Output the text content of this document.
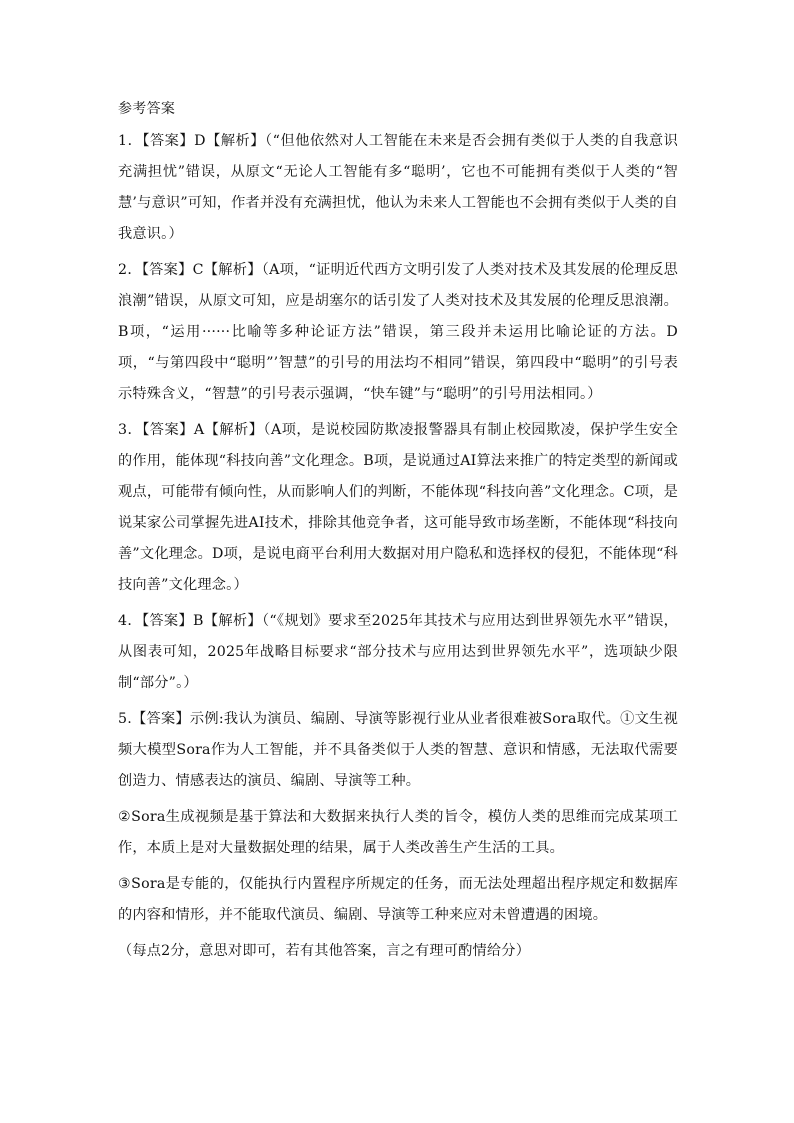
参考答案

1．【答案】D【解析】（“但他依然对人工智能在未来是否会拥有类似于人类的自我意识充满担忧”错误，从原文“无论人工智能有多“聪明’，它也不可能拥有类似于人类的“智慧’与意识”可知，作者并没有充满担忧，他认为未来人工智能也不会拥有类似于人类的自我意识。）

2．【答案】C【解析】（A项，“证明近代西方文明引发了人类对技术及其发展的伦理反思浪潮”错误，从原文可知，应是胡塞尔的话引发了人类对技术及其发展的伦理反思浪潮。B项，“运用······比喻等多种论证方法”错误，第三段并未运用比喻论证的方法。D项，“与第四段中“聪明”’智慧”的引号的用法均不相同”错误，第四段中“聪明”的引号表示特殊含义，“智慧”的引号表示强调，“快车键”与“聪明”的引号用法相同。）

3．【答案】A【解析】（A项，是说校园防欺凌报警器具有制止校园欺凌，保护学生安全的作用，能体现“科技向善”文化理念。B项，是说通过AI算法来推广的特定类型的新闻或观点，可能带有倾向性，从而影响人们的判断，不能体现“科技向善”文化理念。C项，是说某家公司掌握先进AI技术，排除其他竞争者，这可能导致市场垄断，不能体现“科技向善”文化理念。D项，是说电商平台利用大数据对用户隐私和选择权的侵犯，不能体现“科技向善”文化理念。）

4．【答案】B【解析】（“《规划》要求至2025年其技术与应用达到世界领先水平”错误，从图表可知，2025年战略目标要求“部分技术与应用达到世界领先水平”，选项缺少限制“部分”。）

5.【答案】示例:我认为演员、编剧、导演等影视行业从业者很难被Sora取代。①文生视频大模型Sora作为人工智能，并不具备类似于人类的智慧、意识和情感，无法取代需要创造力、情感表达的演员、编剧、导演等工种。

②Sora生成视频是基于算法和大数据来执行人类的旨令，模仿人类的思维而完成某项工作，本质上是对大量数据处理的结果，属于人类改善生产生活的工具。

③Sora是专能的，仅能执行内置程序所规定的任务，而无法处理超出程序规定和数据库的内容和情形，并不能取代演员、编剧、导演等工种来应对未曾遭遇的困境。

（每点2分，意思对即可，若有其他答案，言之有理可酌情给分）
